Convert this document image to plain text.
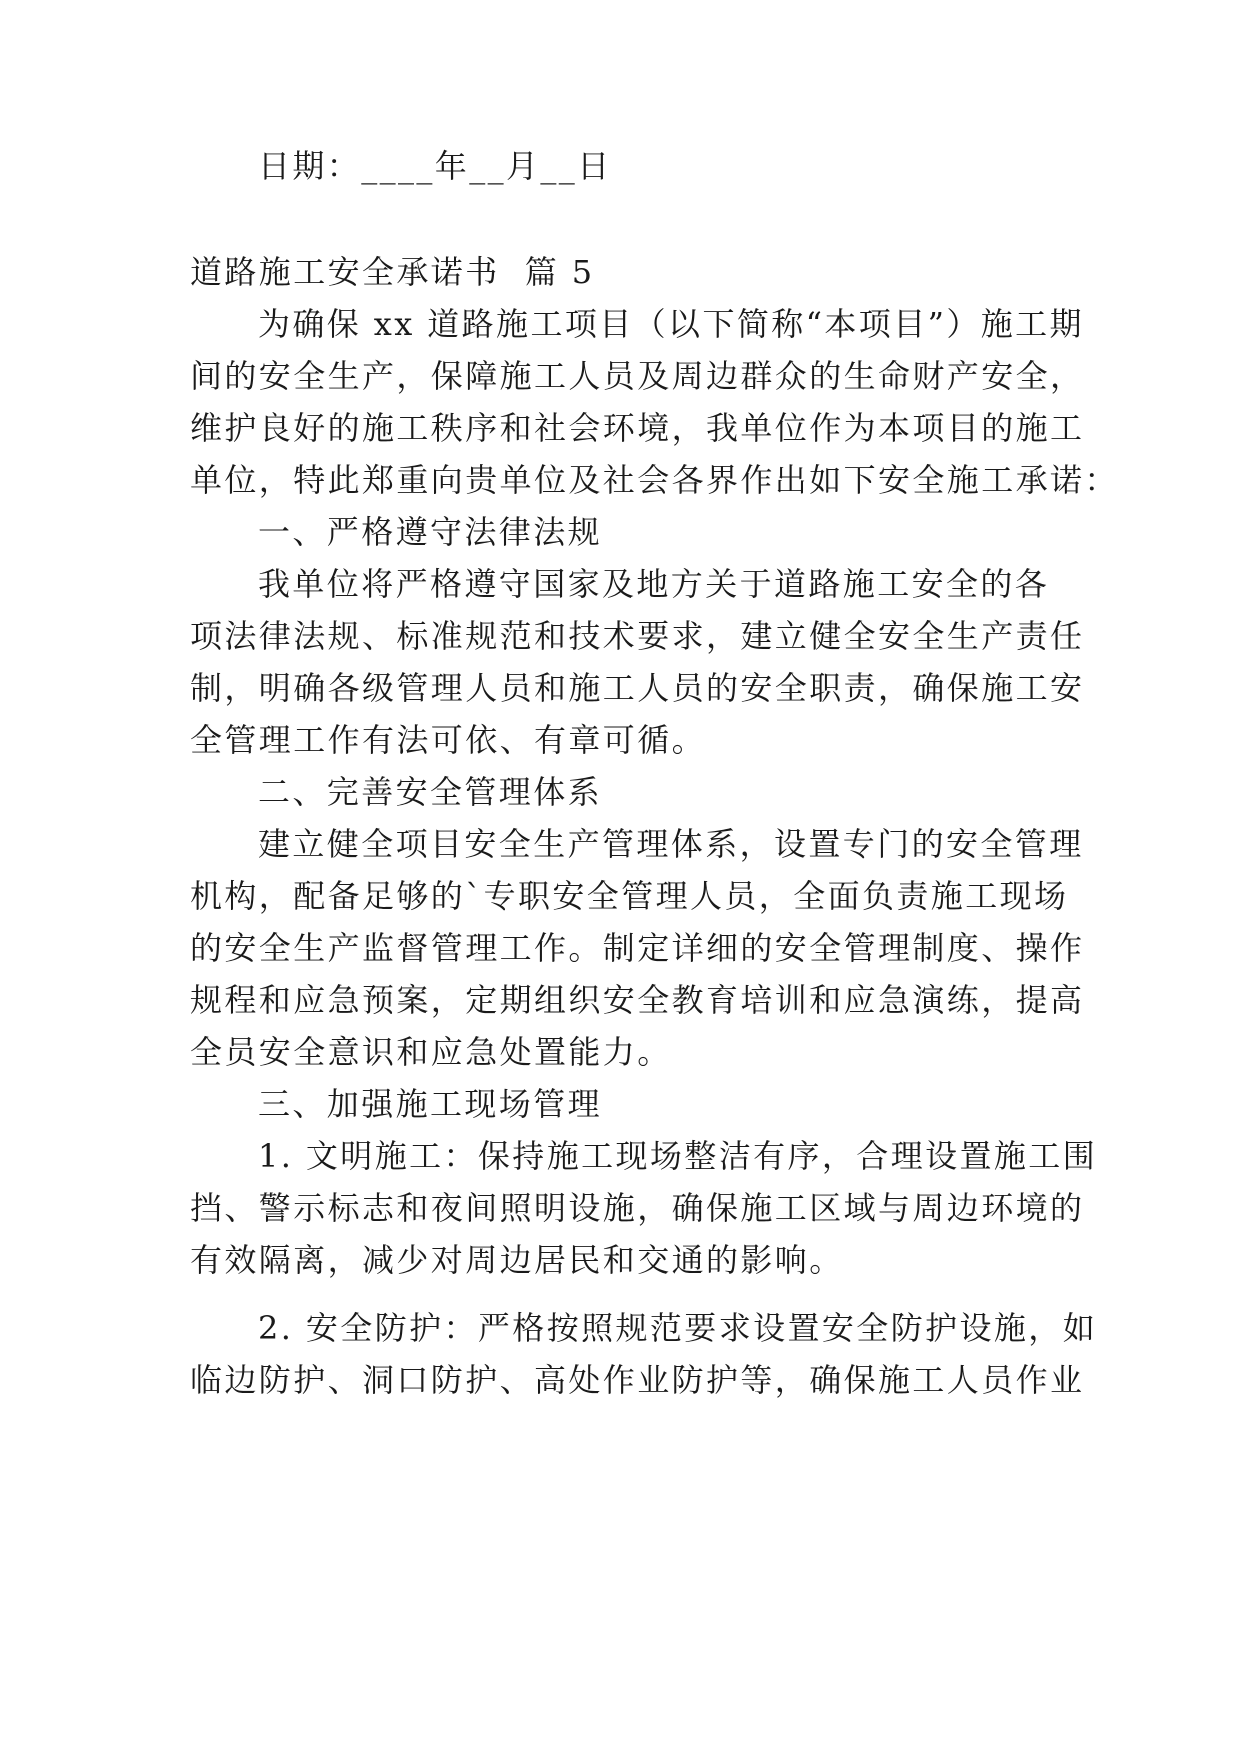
日期：____年__月__日
道路施工安全承诺书  篇 5
为确保 xx 道路施工项目（以下简称“本项目”）施工期
间的安全生产，保障施工人员及周边群众的生命财产安全，
维护良好的施工秩序和社会环境，我单位作为本项目的施工
单位，特此郑重向贵单位及社会各界作出如下安全施工承诺：
一、严格遵守法律法规
我单位将严格遵守国家及地方关于道路施工安全的各
项法律法规、标准规范和技术要求，建立健全安全生产责任
制，明确各级管理人员和施工人员的安全职责，确保施工安
全管理工作有法可依、有章可循。
二、完善安全管理体系
建立健全项目安全生产管理体系，设置专门的安全管理
机构，配备足够的`专职安全管理人员，全面负责施工现场
的安全生产监督管理工作。制定详细的安全管理制度、操作
规程和应急预案，定期组织安全教育培训和应急演练，提高
全员安全意识和应急处置能力。
三、加强施工现场管理
1. 文明施工：保持施工现场整洁有序，合理设置施工围
挡、警示标志和夜间照明设施，确保施工区域与周边环境的
有效隔离，减少对周边居民和交通的影响。
2. 安全防护：严格按照规范要求设置安全防护设施，如
临边防护、洞口防护、高处作业防护等，确保施工人员作业
